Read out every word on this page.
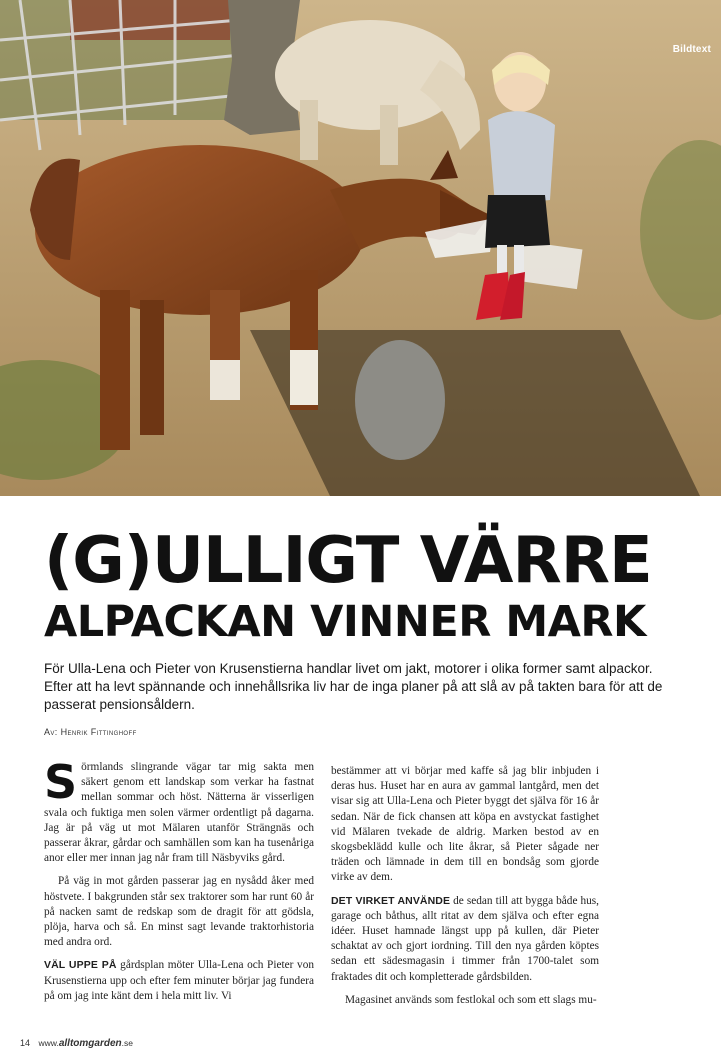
Bildtext
(G)ULLIGT VÄRRE
ALPACKAN VINNER MARK

För Ulla-Lena och Pieter von Krusenstierna handlar livet om jakt, motorer i olika former samt alpackor. Efter att ha levt spännande och innehållsrika liv har de inga planer på att slå av på takten bara för att de passerat pensionsåldern.

Av: Henrik Fittinghoff

Sörmlands slingrande vägar tar mig sakta men säkert genom ett landskap som verkar ha fastnat mellan sommar och höst. Nätterna är visserligen svala och fuktiga men solen värmer ordentligt på dagarna. Jag är på väg ut mot Mälaren utanför Strängnäs och passerar åkrar, gårdar och samhällen som kan ha tusenåriga anor eller mer innan jag når fram till Näsbyviks gård.

På väg in mot gården passerar jag en nysådd åker med höstvete. I bakgrunden står sex traktorer som har runt 60 år på nacken samt de redskap som de dragit för att gödsla, plöja, harva och så. En minst sagt levande traktorhistoria med andra ord.

VÄL UPPE PÅ gårdsplan möter Ulla-Lena och Pieter von Krusenstierna upp och efter fem minuter börjar jag fundera på om jag inte känt dem i hela mitt liv. Vi

bestämmer att vi börjar med kaffe så jag blir inbjuden i deras hus. Huset har en aura av gammal lantgård, men det visar sig att Ulla-Lena och Pieter byggt det själva för 16 år sedan. När de fick chansen att köpa en avstyckat fastighet vid Mälaren tvekade de aldrig. Marken bestod av en skogsbeklädd kulle och lite åkrar, så Pieter sågade ner träden och lämnade in dem till en bondsåg som gjorde virke av dem.

DET VIRKET ANVÄNDE de sedan till att bygga både hus, garage och båthus, allt ritat av dem själva och efter egna idéer. Huset hamnade längst upp på kullen, där Pieter schaktat av och gjort iordning. Till den nya gården köptes sedan ett sädesmagasin i timmer från 1700-talet som fraktades dit och kompletterade gårdsbilden.

Magasinet används som festlokal och som ett slags mu-

14 www.alltomgarden.se
